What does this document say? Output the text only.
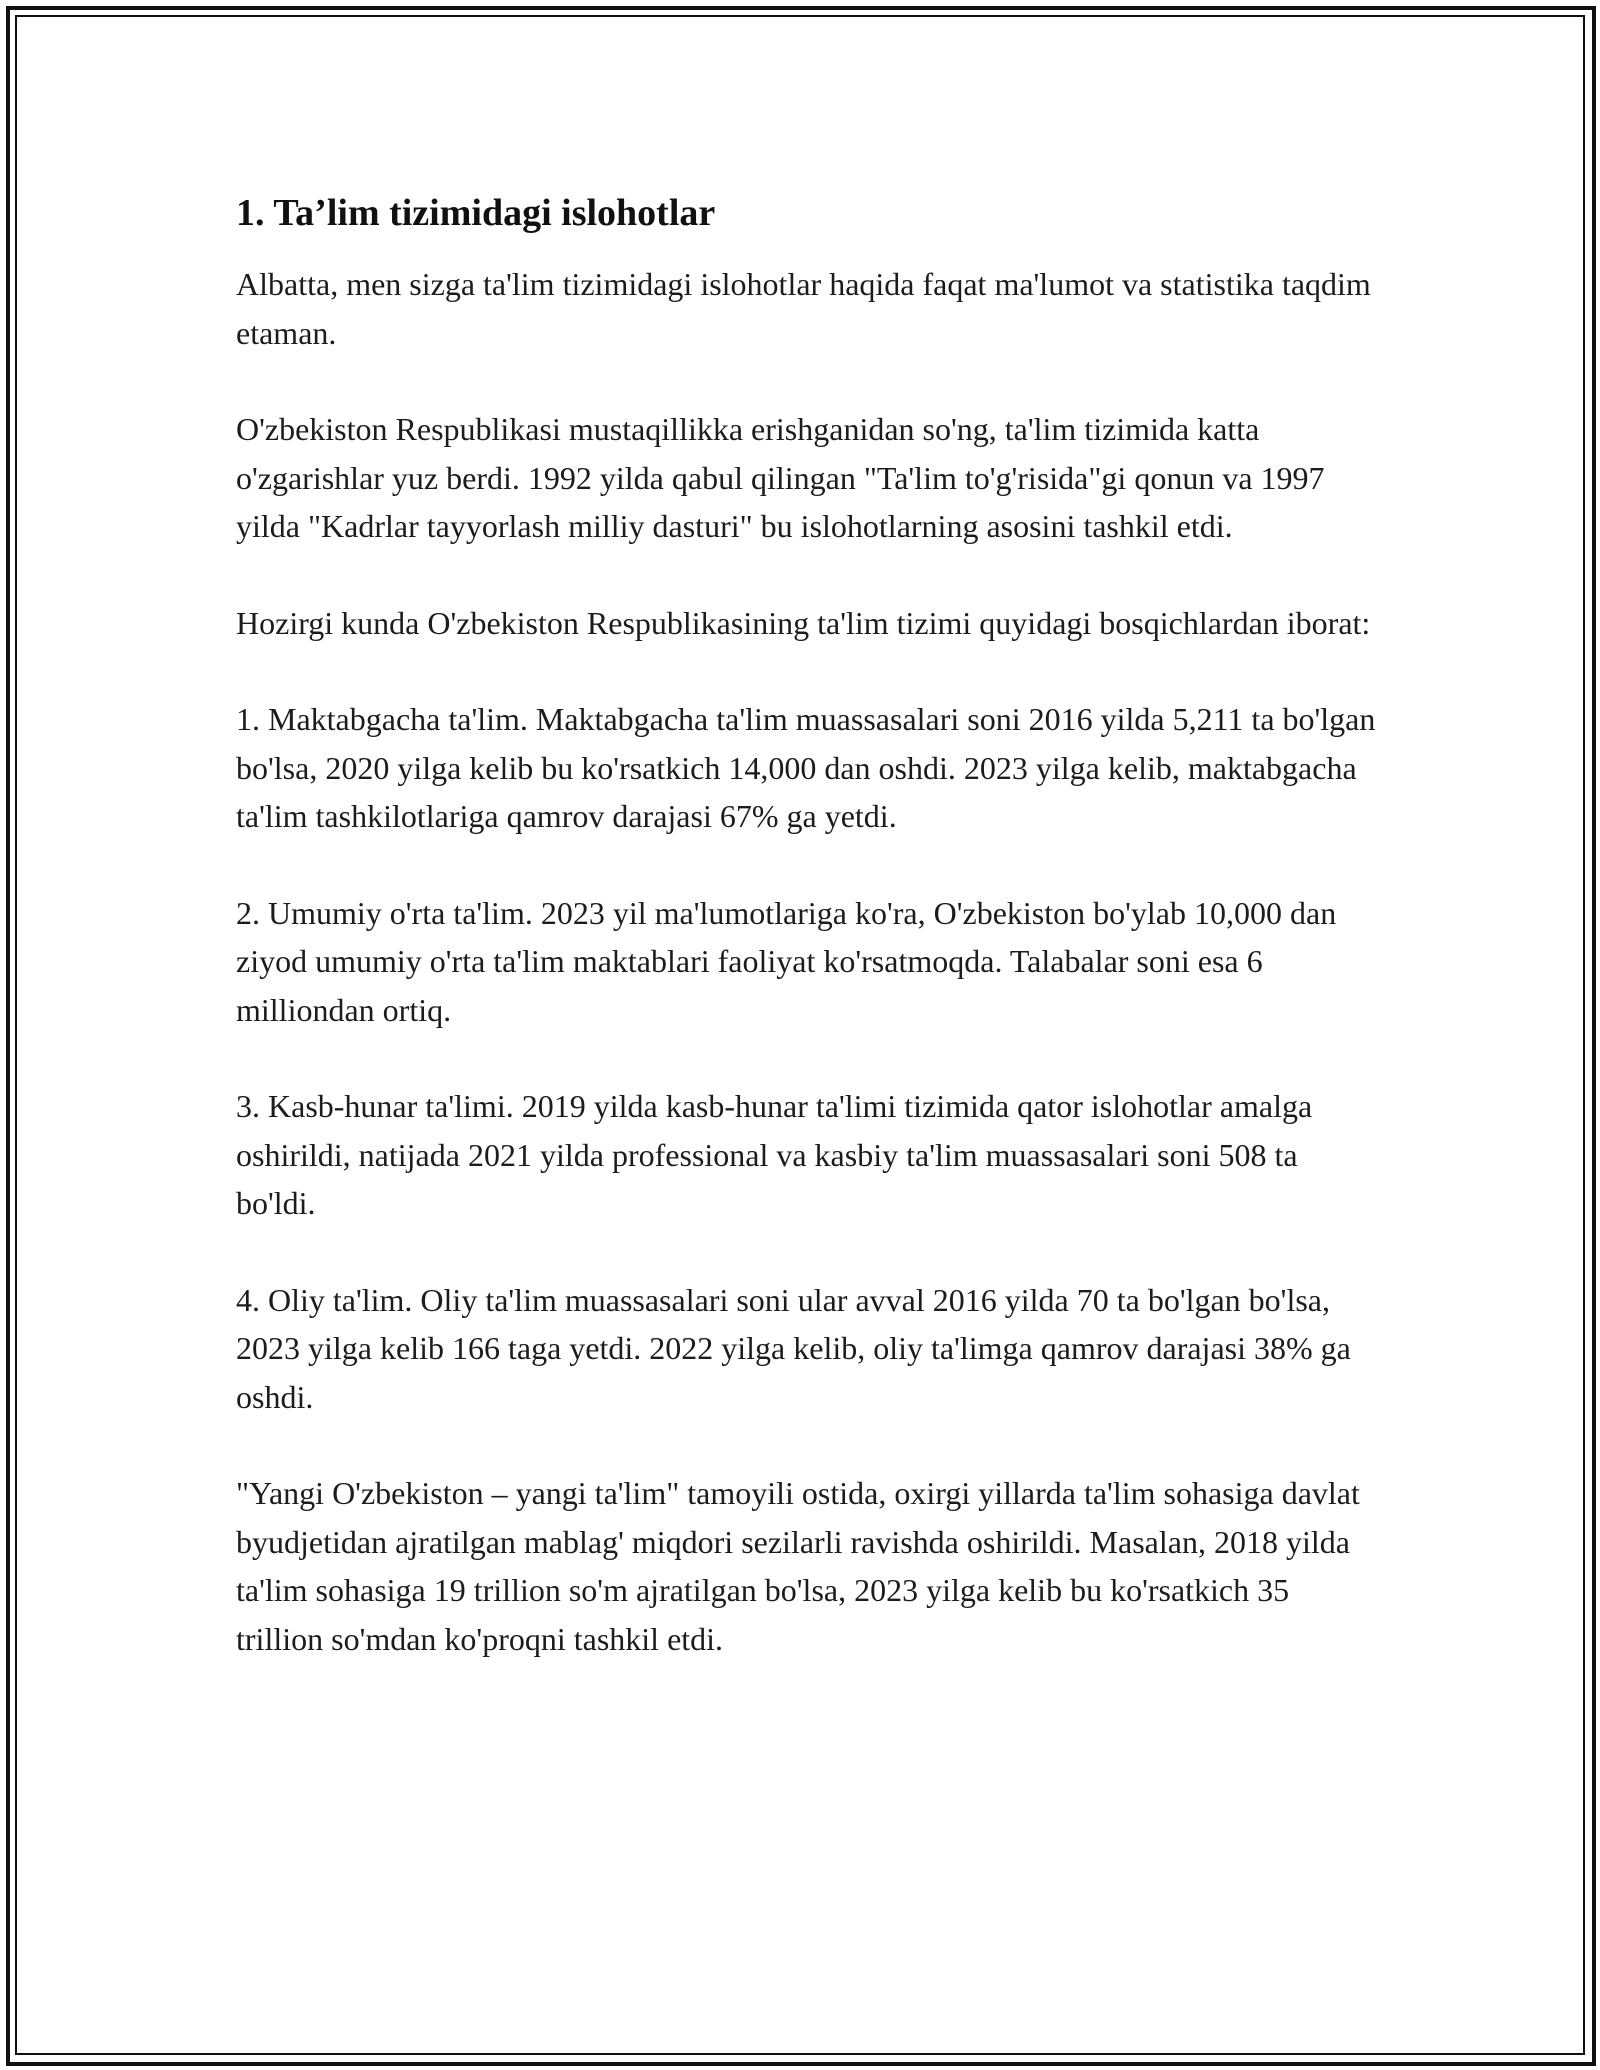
1. Ta’lim tizimidagi islohotlar

Albatta, men sizga ta'lim tizimidagi islohotlar haqida faqat ma'lumot va statistika taqdim etaman.

O'zbekiston Respublikasi mustaqillikka erishganidan so'ng, ta'lim tizimida katta o'zgarishlar yuz berdi. 1992 yilda qabul qilingan "Ta'lim to'g'risida"gi qonun va 1997 yilda "Kadrlar tayyorlash milliy dasturi" bu islohotlarning asosini tashkil etdi.

Hozirgi kunda O'zbekiston Respublikasining ta'lim tizimi quyidagi bosqichlardan iborat:

1. Maktabgacha ta'lim. Maktabgacha ta'lim muassasalari soni 2016 yilda 5,211 ta bo'lgan bo'lsa, 2020 yilga kelib bu ko'rsatkich 14,000 dan oshdi. 2023 yilga kelib, maktabgacha ta'lim tashkilotlariga qamrov darajasi 67% ga yetdi.

2. Umumiy o'rta ta'lim. 2023 yil ma'lumotlariga ko'ra, O'zbekiston bo'ylab 10,000 dan ziyod umumiy o'rta ta'lim maktablari faoliyat ko'rsatmoqda. Talabalar soni esa 6 milliondan ortiq.

3. Kasb-hunar ta'limi. 2019 yilda kasb-hunar ta'limi tizimida qator islohotlar amalga oshirildi, natijada 2021 yilda professional va kasbiy ta'lim muassasalari soni 508 ta bo'ldi.

4. Oliy ta'lim. Oliy ta'lim muassasalari soni ular avval 2016 yilda 70 ta bo'lgan bo'lsa, 2023 yilga kelib 166 taga yetdi. 2022 yilga kelib, oliy ta'limga qamrov darajasi 38% ga oshdi.

"Yangi O'zbekiston – yangi ta'lim" tamoyili ostida, oxirgi yillarda ta'lim sohasiga davlat byudjetidan ajratilgan mablag' miqdori sezilarli ravishda oshirildi. Masalan, 2018 yilda ta'lim sohasiga 19 trillion so'm ajratilgan bo'lsa, 2023 yilga kelib bu ko'rsatkich 35 trillion so'mdan ko'proqni tashkil etdi.
